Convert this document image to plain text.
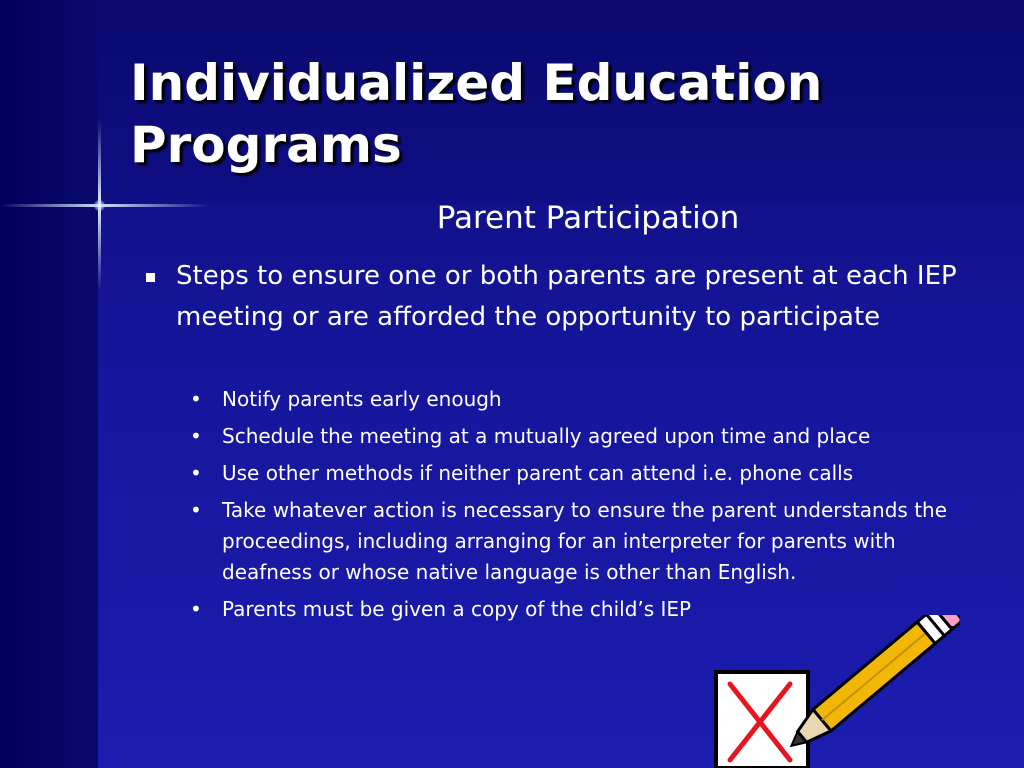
Individualized Education Programs
Parent Participation
Steps to ensure one or both parents are present at each IEP meeting or are afforded the opportunity to participate
• Notify parents early enough
• Schedule the meeting at a mutually agreed upon time and place
• Use other methods if neither parent can attend i.e. phone calls
• Take whatever action is necessary to ensure the parent understands the proceedings, including arranging for an interpreter for parents with deafness or whose native language is other than English.
• Parents must be given a copy of the child’s IEP
